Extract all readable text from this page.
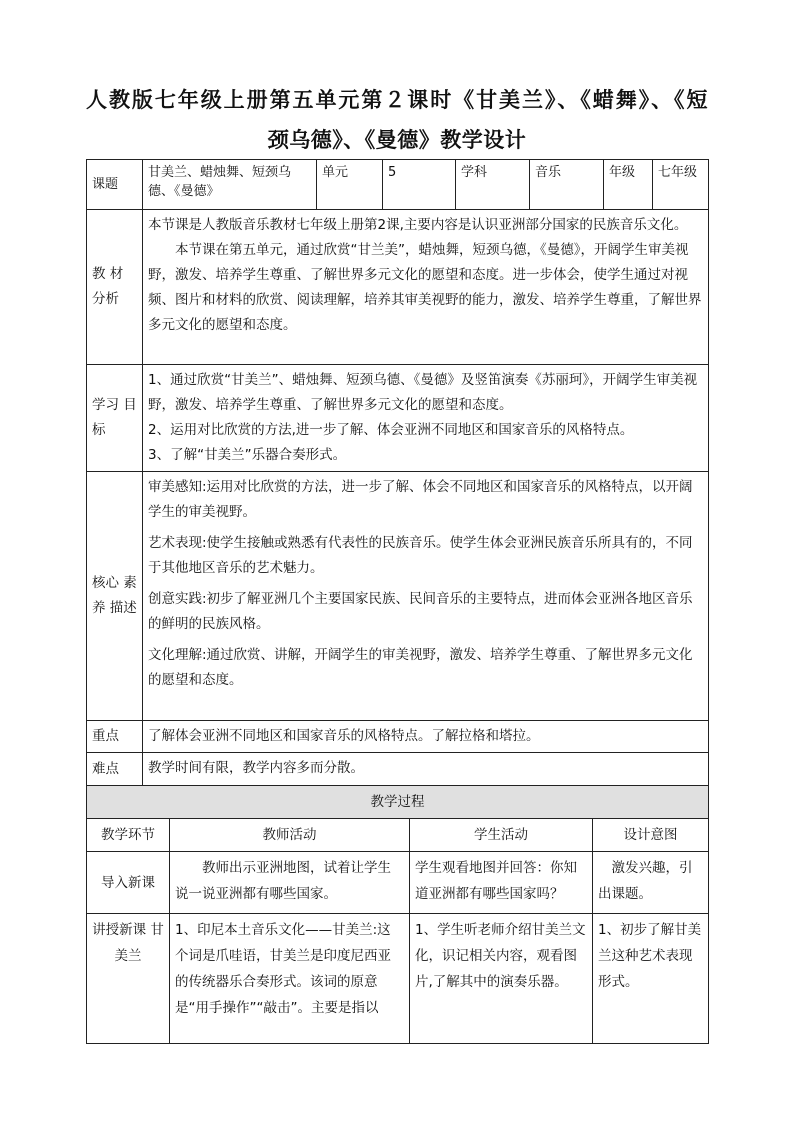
人教版七年级上册第五单元第２课时《甘美兰》、《蜡舞》、《短
颈乌德》、《曼德》教学设计
课题	甘美兰、蜡烛舞、短颈乌德、《曼德》	单元	5	学科	音乐	年级	七年级
教 材 分析	本节课是人教版音乐教材七年级上册第2课,主要内容是认识亚洲部分国家的民族音乐文化。

本节课在第五单元，通过欣赏“甘兰美”，蜡烛舞，短颈乌德，《曼德》，开阔学生审美视野，激发、培养学生尊重、了解世界多元文化的愿望和态度。进一步体会，使学生通过对视频、图片和材料的欣赏、阅读理解，培养其审美视野的能力，激发、培养学生尊重，了解世界多元文化的愿望和态度。						

学习 目标	1、通过欣赏“甘美兰”、蜡烛舞、短颈乌德、《曼德》及竖笛演奏《苏丽珂》，开阔学生审美视野，激发、培养学生尊重、了解世界多元文化的愿望和态度。

2、运用对比欣赏的方法,进一步了解、体会亚洲不同地区和国家音乐的风格特点。

3、了解“甘美兰”乐器合奏形式。						

核心 素养 描述	审美感知:运用对比欣赏的方法，进一步了解、体会不同地区和国家音乐的风格特点，以开阔学生的审美视野。

艺术表现:使学生接触或熟悉有代表性的民族音乐。使学生体会亚洲民族音乐所具有的，不同于其他地区音乐的艺术魅力。

创意实践:初步了解亚洲几个主要国家民族、民间音乐的主要特点，进而体会亚洲各地区音乐的鲜明的民族风格。

文化理解:通过欣赏、讲解，开阔学生的审美视野，激发、培养学生尊重、了解世界多元文化的愿望和态度。						

重点	了解体会亚洲不同地区和国家音乐的风格特点。了解拉格和塔拉。						
难点	教学时间有限，教学内容多而分散。						
教学过程			
教学环节	教师活动	学生活动	设计意图
导入新课	教师出示亚洲地图，试着让学生说一说亚洲都有哪些国家。	学生观看地图并回答：你知道亚洲都有哪些国家吗？	激发兴趣，引出课题。
讲授新课 甘美兰	1、印尼本土音乐文化——甘美兰:这个词是爪哇语，甘美兰是印度尼西亚的传统器乐合奏形式。该词的原意是“用手操作”“敲击”。主要是指以	1、学生听老师介绍甘美兰文化，识记相关内容，观看图片,了解其中的演奏乐器。	1、初步了解甘美兰这种艺术表现形式。
